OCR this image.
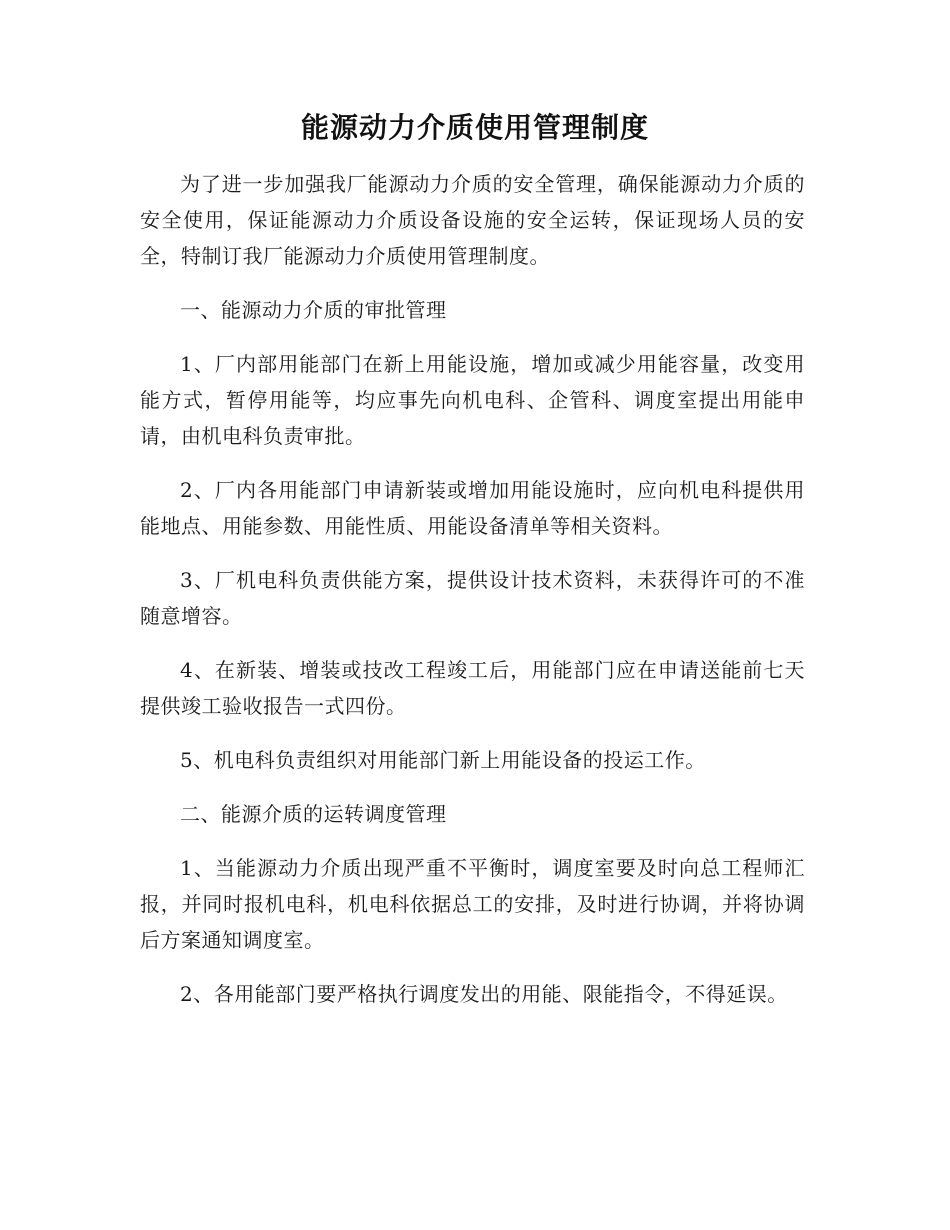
能源动力介质使用管理制度

为了进一步加强我厂能源动力介质的安全管理，确保能源动力介质的安全使用，保证能源动力介质设备设施的安全运转，保证现场人员的安全，特制订我厂能源动力介质使用管理制度。

一、能源动力介质的审批管理

1、厂内部用能部门在新上用能设施，增加或减少用能容量，改变用能方式，暂停用能等，均应事先向机电科、企管科、调度室提出用能申请，由机电科负责审批。

2、厂内各用能部门申请新装或增加用能设施时，应向机电科提供用能地点、用能参数、用能性质、用能设备清单等相关资料。

3、厂机电科负责供能方案，提供设计技术资料，未获得许可的不准随意增容。

4、在新装、增装或技改工程竣工后，用能部门应在申请送能前七天提供竣工验收报告一式四份。

5、机电科负责组织对用能部门新上用能设备的投运工作。

二、能源介质的运转调度管理

1、当能源动力介质出现严重不平衡时，调度室要及时向总工程师汇报，并同时报机电科，机电科依据总工的安排，及时进行协调，并将协调后方案通知调度室。

2、各用能部门要严格执行调度发出的用能、限能指令，不得延误。
